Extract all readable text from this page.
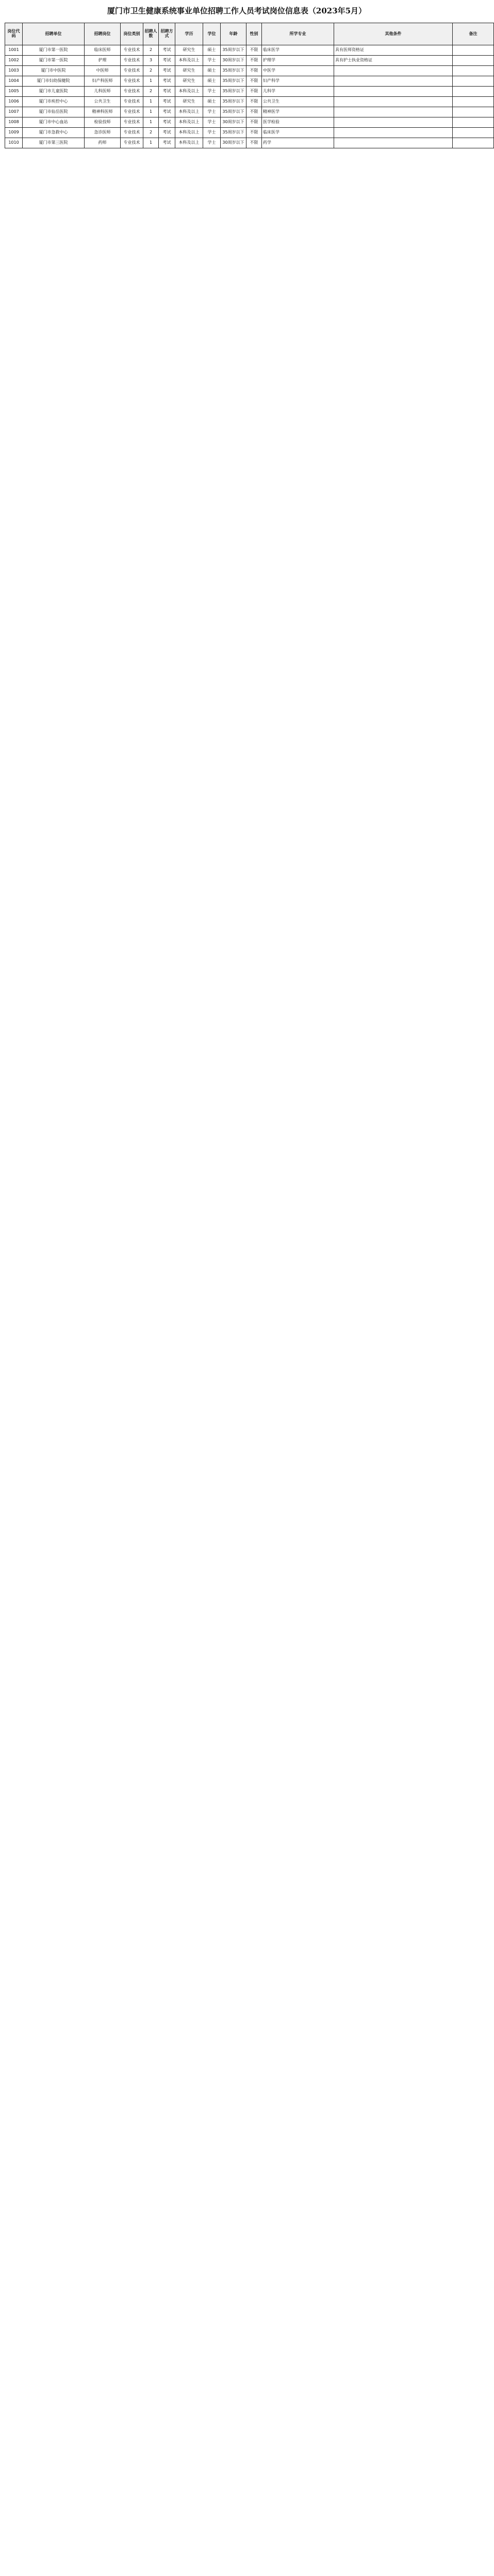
厦门市卫生健康系统事业单位招聘工作人员考试岗位信息表（2023年5月）
岗位代码	招聘单位	招聘岗位	岗位类别	招聘人数	招聘方式	学历	学位	年龄	性别	所学专业	其他条件	备注
1001	厦门市第一医院	临床医师	专业技术	2	考试	研究生	硕士	35周岁以下	不限	临床医学	具有医师资格证	
1002	厦门市第一医院	护理	专业技术	3	考试	本科及以上	学士	30周岁以下	不限	护理学	具有护士执业资格证	
1003	厦门市中医院	中医师	专业技术	2	考试	研究生	硕士	35周岁以下	不限	中医学		
1004	厦门市妇幼保健院	妇产科医师	专业技术	1	考试	研究生	硕士	35周岁以下	不限	妇产科学		
1005	厦门市儿童医院	儿科医师	专业技术	2	考试	本科及以上	学士	35周岁以下	不限	儿科学		
1006	厦门市疾控中心	公共卫生	专业技术	1	考试	研究生	硕士	35周岁以下	不限	公共卫生		
1007	厦门市仙岳医院	精神科医师	专业技术	1	考试	本科及以上	学士	35周岁以下	不限	精神医学		
1008	厦门市中心血站	检验技师	专业技术	1	考试	本科及以上	学士	30周岁以下	不限	医学检验		
1009	厦门市急救中心	急诊医师	专业技术	2	考试	本科及以上	学士	35周岁以下	不限	临床医学		
1010	厦门市第三医院	药师	专业技术	1	考试	本科及以上	学士	30周岁以下	不限	药学		
